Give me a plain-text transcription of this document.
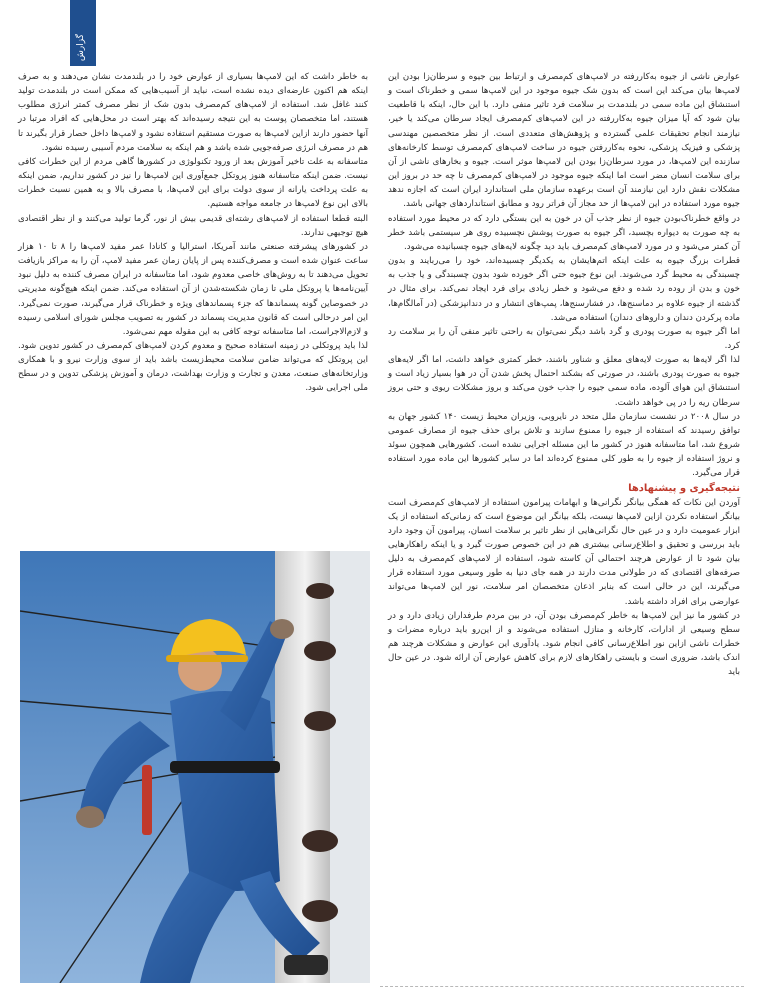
گزارش

عوارض ناشی از جیوه به‌کاررفته در لامپ‌های کم‌مصرف و ارتباط بین جیوه و سرطان‌زا بودن این لامپ‌ها بیان می‌کند این است که بدون شک جیوه موجود در این لامپ‌ها سمی و خطرناک است و استنشاق این ماده سمی در بلندمدت بر سلامت فرد تاثیر منفی دارد. با این حال، اینکه با قاطعیت بیان شود که آیا میزان جیوه به‌کاررفته در این لامپ‌های کم‌مصرف ایجاد سرطان می‌کند یا خیر، نیازمند انجام تحقیقات علمی گسترده و پژوهش‌های متعددی است. از نظر متخصصین مهندسی پزشکی و فیزیک پزشکی، نحوه به‌کاررفتن جیوه در ساخت لامپ‌های کم‌مصرف توسط کارخانه‌های سازنده این لامپ‌ها، در مورد سرطان‌زا بودن این لامپ‌ها موثر است. جیوه و بخارهای ناشی از آن برای سلامت انسان مضر است اما اینکه جیوه موجود در لامپ‌های کم‌مصرف تا چه حد در بروز این مشکلات نقش دارد این نیازمند آن است برعهده سازمان ملی استاندارد ایران است که اجازه ندهد جیوه مورد استفاده در این لامپ‌ها از حد مجاز آن فراتر رود و مطابق استانداردهای جهانی باشد.

در واقع خطرناک‌بودن جیوه از نظر جذب آن در خون به این بستگی دارد که در محیط مورد استفاده به چه صورت به دیواره بچسبد، اگر جیوه به صورت پوشش نچسبیده روی هر سیستمی باشد خطر آن کمتر می‌شود و در مورد لامپ‌های کم‌مصرف باید دید چگونه لایه‌های جیوه چسبانیده می‌شود.

قطرات بزرگ جیوه به علت اینکه اتم‌هایشان به یکدیگر چسبیده‌اند، خود را می‌ربایند و بدون چسبندگی به محیط گرد می‌شوند. این نوع جیوه حتی اگر خورده شود بدون چسبندگی و یا جذب به خون و بدن از روده رد شده و دفع می‌شود و خطر زیادی برای فرد ایجاد نمی‌کند. برای مثال در گذشته از جیوه علاوه بر دماسنج‌ها، در فشارسنج‌ها، پمپ‌های انتشار و در دندانپزشکی (در آمالگام‌ها، ماده پرکردن دندان و داروهای دندان) استفاده می‌شد.

اما اگر جیوه به صورت پودری و گرد باشد دیگر نمی‌توان به راحتی تاثیر منفی آن را بر سلامت رد کرد.

لذا اگر لایه‌ها به صورت لایه‌های معلق و شناور باشند، خطر کمتری خواهد داشت، اما اگر لایه‌های جیوه به صورت پودری باشند، در صورتی که بشکند احتمال پخش شدن آن در هوا بسیار زیاد است و استنشاق این هوای آلوده، ماده سمی جیوه را جذب خون می‌کند و بروز مشکلات ریوی و حتی بروز سرطان ریه را در پی خواهد داشت.

در سال ۲۰۰۸ در نشست سازمان ملل متحد در نایروبی، وزیران محیط زیست ۱۴۰ کشور جهان به توافق رسیدند که استفاده از جیوه را ممنوع سازند و تلاش برای حذف جیوه از مصارف عمومی شروع شد، اما متاسفانه هنوز در کشور ما این مسئله اجرایی نشده است. کشورهایی همچون سوئد و نروژ استفاده از جیوه را به طور کلی ممنوع کرده‌اند اما در سایر کشورها این ماده مورد استفاده قرار می‌گیرد.

نتیجه‌گیری و پیشنهادها

آوردن این نکات که همگی بیانگر نگرانی‌ها و ابهامات پیرامون استفاده از لامپ‌های کم‌مصرف است بیانگر استفاده نکردن ازاین لامپ‌ها نیست، بلکه بیانگر این موضوع است که زمانی‌که استفاده از یک ابزار عمومیت دارد و در عین حال نگرانی‌هایی از نظر تاثیر بر سلامت انسان، پیرامون آن وجود دارد باید بررسی و تحقیق و اطلاع‌رسانی بیشتری هم در این خصوص صورت گیرد و یا اینکه راهکارهایی بیان شود تا از عوارض هرچند احتمالی آن کاسته شود، استفاده از لامپ‌های کم‌مصرف به دلیل صرفه‌های اقتصادی که در طولانی مدت دارند در همه جای دنیا به طور وسیعی مورد استفاده قرار می‌گیرند، این در حالی است که بنابر اذعان متخصصان امر سلامت، نور این لامپ‌ها می‌تواند عوارضی برای افراد داشته باشد.

در کشور ما نیز این لامپ‌ها به خاطر کم‌مصرف بودن آن، در بین مردم طرفداران زیادی دارد و در سطح وسیعی از ادارات، کارخانه و منازل استفاده می‌شوند و از این‌رو باید درباره مضرات و خطرات ناشی ازاین نور اطلاع‌رسانی کافی انجام شود. یادآوری این عوارض و مشکلات هرچند هم اندک باشد، ضروری است و بایستی راهکارهای لازم برای کاهش عوارض آن ارائه شود. در عین حال باید

به خاطر داشت که این لامپ‌ها بسیاری از عوارض خود را در بلندمدت نشان می‌دهند و به صرف اینکه هم اکنون عارضه‌ای دیده نشده است، نباید از آسیب‌هایی که ممکن است در بلندمدت تولید کنند غافل شد. استفاده از لامپ‌های کم‌مصرف بدون شک از نظر مصرف کمتر انرژی مطلوب هستند، اما متخصصان پوست به این نتیجه رسیده‌اند که بهتر است در محل‌هایی که افراد مرتبا در آنها حضور دارند ازاین لامپ‌ها به صورت مستقیم استفاده نشود و لامپ‌ها داخل حصار قرار بگیرند تا هم در مصرف انرژی صرفه‌جویی شده باشد و هم اینکه به سلامت مردم آسیبی رسیده نشود.

متاسفانه به علت تاخیر آموزش بعد از ورود تکنولوژی در کشورها گاهی مردم از این خطرات کافی نیست. ضمن اینکه متاسفانه هنوز پروتکل جمع‌آوری این لامپ‌ها را نیز در کشور نداریم، ضمن اینکه به علت پرداخت یارانه از سوی دولت برای این لامپ‌ها، با مصرف بالا و به همین نسبت خطرات بالای این نوع لامپ‌ها در جامعه مواجه هستیم.

البته قطعا استفاده از لامپ‌های رشته‌ای قدیمی بیش از نور، گرما تولید می‌کنند و از نظر اقتصادی هیچ توجیهی ندارند.

در کشورهای پیشرفته صنعتی مانند آمریکا، استرالیا و کانادا عمر مفید لامپ‌ها را ۸ تا ۱۰ هزار ساعت عنوان شده است و مصرف‌کننده پس از پایان زمان عمر مفید لامپ، آن را به مراکز بازیافت تحویل می‌دهند تا به روش‌های خاصی معدوم شود، اما متاسفانه در ایران مصرف کننده به دلیل نبود آیین‌نامه‌ها یا پروتکل ملی تا زمان شکسته‌شدن از آن استفاده می‌کند. ضمن اینکه هیچ‌گونه مدیریتی در خصوصاین گونه پسماندها که جزء پسماندهای ویژه و خطرناک قرار می‌گیرند، صورت نمی‌گیرد. این امر درحالی است که قانون مدیریت پسماند در کشور به تصویب مجلس شورای اسلامی رسیده و لازم‌الاجراست، اما متاسفانه توجه کافی به این مقوله مهم نمی‌شود.

لذا باید پروتکلی در زمینه استفاده صحیح و معدوم کردن لامپ‌های کم‌مصرف در کشور تدوین شود. این پروتکل که می‌تواند ضامن سلامت محیط‌زیست باشد باید از سوی وزارت نیرو و با همکاری وزارتخانه‌های صنعت، معدن و تجارت و وزارت بهداشت، درمان و آموزش پزشکی تدوین و در سطح ملی اجرایی شود.
